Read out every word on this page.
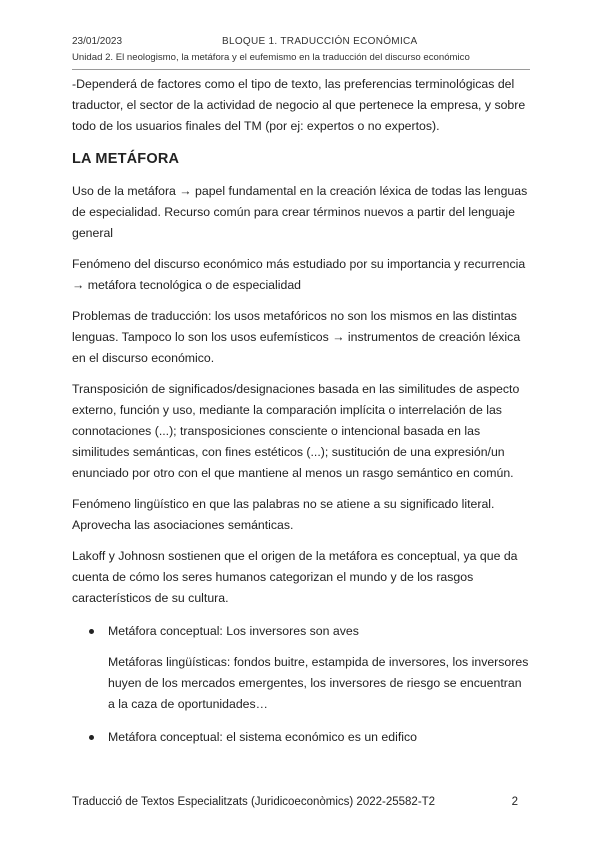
23/01/2023	BLOQUE 1. TRADUCCIÓN ECONÓMICA
Unidad 2. El neologismo, la metáfora y el eufemismo en la traducción del discurso económico

-Dependerá de factores como el tipo de texto, las preferencias terminológicas del traductor, el sector de la actividad de negocio al que pertenece la empresa, y sobre todo de los usuarios finales del TM (por ej: expertos o no expertos).

LA METÁFORA

Uso de la metáfora → papel fundamental en la creación léxica de todas las lenguas de especialidad. Recurso común para crear términos nuevos a partir del lenguaje general

Fenómeno del discurso económico más estudiado por su importancia y recurrencia → metáfora tecnológica o de especialidad

Problemas de traducción: los usos metafóricos no son los mismos en las distintas lenguas. Tampoco lo son los usos eufemísticos → instrumentos de creación léxica en el discurso económico.

Transposición de significados/designaciones basada en las similitudes de aspecto externo, función y uso, mediante la comparación implícita o interrelación de las connotaciones (...); transposiciones consciente o intencional basada en las similitudes semánticas, con fines estéticos (...); sustitución de una expresión/un enunciado por otro con el que mantiene al menos un rasgo semántico en común.

Fenómeno lingüístico en que las palabras no se atiene a su significado literal. Aprovecha las asociaciones semánticas.

Lakoff y Johnosn sostienen que el origen de la metáfora es conceptual, ya que da cuenta de cómo los seres humanos categorizan el mundo y de los rasgos característicos de su cultura.

Metáfora conceptual: Los inversores son aves

Metáforas lingüísticas: fondos buitre, estampida de inversores, los inversores huyen de los mercados emergentes, los inversores de riesgo se encuentran a la caza de oportunidades…

Metáfora conceptual: el sistema económico es un edifico
Traducció de Textos Especialitzats (Juridicoeconòmics) 2022-25582-T2	2
